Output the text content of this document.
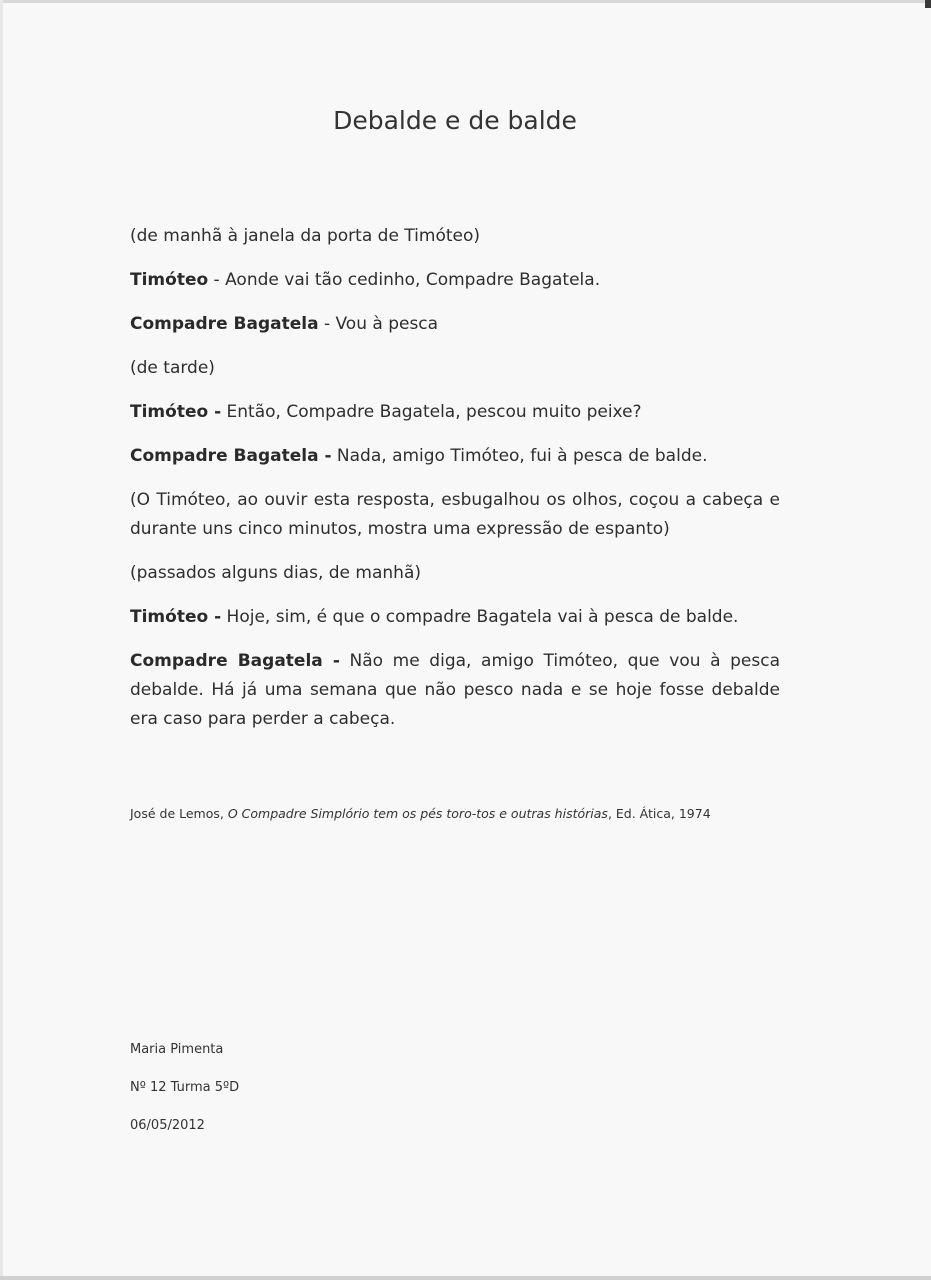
Debalde e de balde

(de manhã à janela da porta de Timóteo)

Timóteo - Aonde vai tão cedinho, Compadre Bagatela.

Compadre Bagatela - Vou à pesca

(de tarde)

Timóteo - Então, Compadre Bagatela, pescou muito peixe?

Compadre Bagatela - Nada, amigo Timóteo, fui à pesca de balde.

(O Timóteo, ao ouvir esta resposta, esbugalhou os olhos, coçou a cabeça e durante uns cinco minutos, mostra uma expressão de espanto)

(passados alguns dias, de manhã)

Timóteo - Hoje, sim, é que o compadre Bagatela vai à pesca de balde.

Compadre Bagatela - Não me diga, amigo Timóteo, que vou à pesca debalde. Há já uma semana que não pesco nada e se hoje fosse debalde era caso para perder a cabeça.

José de Lemos, O Compadre Simplório tem os pés toro-tos e outras histórias, Ed. Ática, 1974
Maria Pimenta
Nº 12 Turma 5ºD
06/05/2012
